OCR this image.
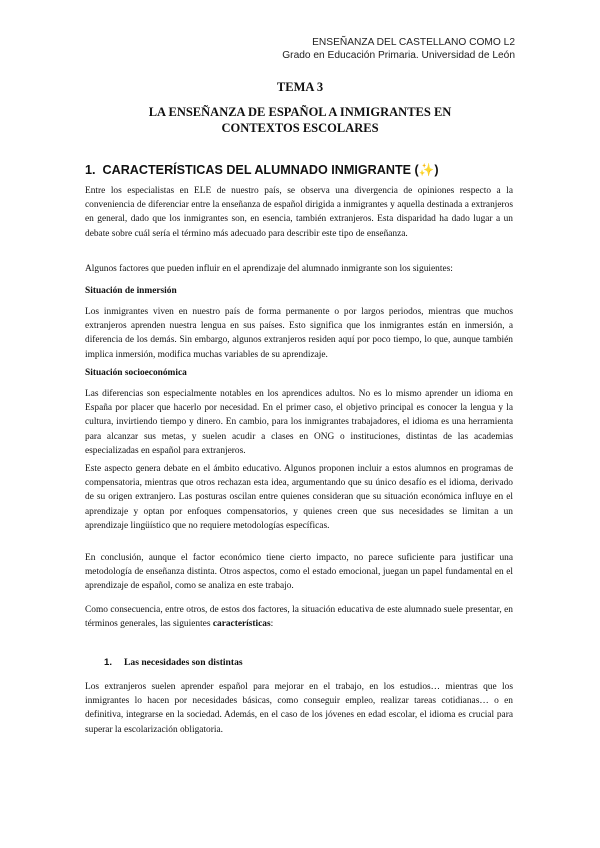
ENSEÑANZA DEL CASTELLANO COMO L2
Grado en Educación Primaria. Universidad de León
TEMA 3
LA ENSEÑANZA DE ESPAÑOL A INMIGRANTES EN
CONTEXTOS ESCOLARES
1. CARACTERÍSTICAS DEL ALUMNADO INMIGRANTE (✨)

Entre los especialistas en ELE de nuestro país, se observa una divergencia de opiniones respecto a la conveniencia de diferenciar entre la enseñanza de español dirigida a inmigrantes y aquella destinada a extranjeros en general, dado que los inmigrantes son, en esencia, también extranjeros. Esta disparidad ha dado lugar a un debate sobre cuál sería el término más adecuado para describir este tipo de enseñanza.

Algunos factores que pueden influir en el aprendizaje del alumnado inmigrante son los siguientes:

Situación de inmersión

Los inmigrantes viven en nuestro país de forma permanente o por largos periodos, mientras que muchos extranjeros aprenden nuestra lengua en sus países. Esto significa que los inmigrantes están en inmersión, a diferencia de los demás. Sin embargo, algunos extranjeros residen aquí por poco tiempo, lo que, aunque también implica inmersión, modifica muchas variables de su aprendizaje.

Situación socioeconómica

Las diferencias son especialmente notables en los aprendices adultos. No es lo mismo aprender un idioma en España por placer que hacerlo por necesidad. En el primer caso, el objetivo principal es conocer la lengua y la cultura, invirtiendo tiempo y dinero. En cambio, para los inmigrantes trabajadores, el idioma es una herramienta para alcanzar sus metas, y suelen acudir a clases en ONG o instituciones, distintas de las academias especializadas en español para extranjeros.

Este aspecto genera debate en el ámbito educativo. Algunos proponen incluir a estos alumnos en programas de compensatoria, mientras que otros rechazan esta idea, argumentando que su único desafío es el idioma, derivado de su origen extranjero. Las posturas oscilan entre quienes consideran que su situación económica influye en el aprendizaje y optan por enfoques compensatorios, y quienes creen que sus necesidades se limitan a un aprendizaje lingüístico que no requiere metodologías específicas.

En conclusión, aunque el factor económico tiene cierto impacto, no parece suficiente para justificar una metodología de enseñanza distinta. Otros aspectos, como el estado emocional, juegan un papel fundamental en el aprendizaje de español, como se analiza en este trabajo.

Como consecuencia, entre otros, de estos dos factores, la situación educativa de este alumnado suele presentar, en términos generales, las siguientes características:

1. Las necesidades son distintas

Los extranjeros suelen aprender español para mejorar en el trabajo, en los estudios… mientras que los inmigrantes lo hacen por necesidades básicas, como conseguir empleo, realizar tareas cotidianas… o en definitiva, integrarse en la sociedad. Además, en el caso de los jóvenes en edad escolar, el idioma es crucial para superar la escolarización obligatoria.
